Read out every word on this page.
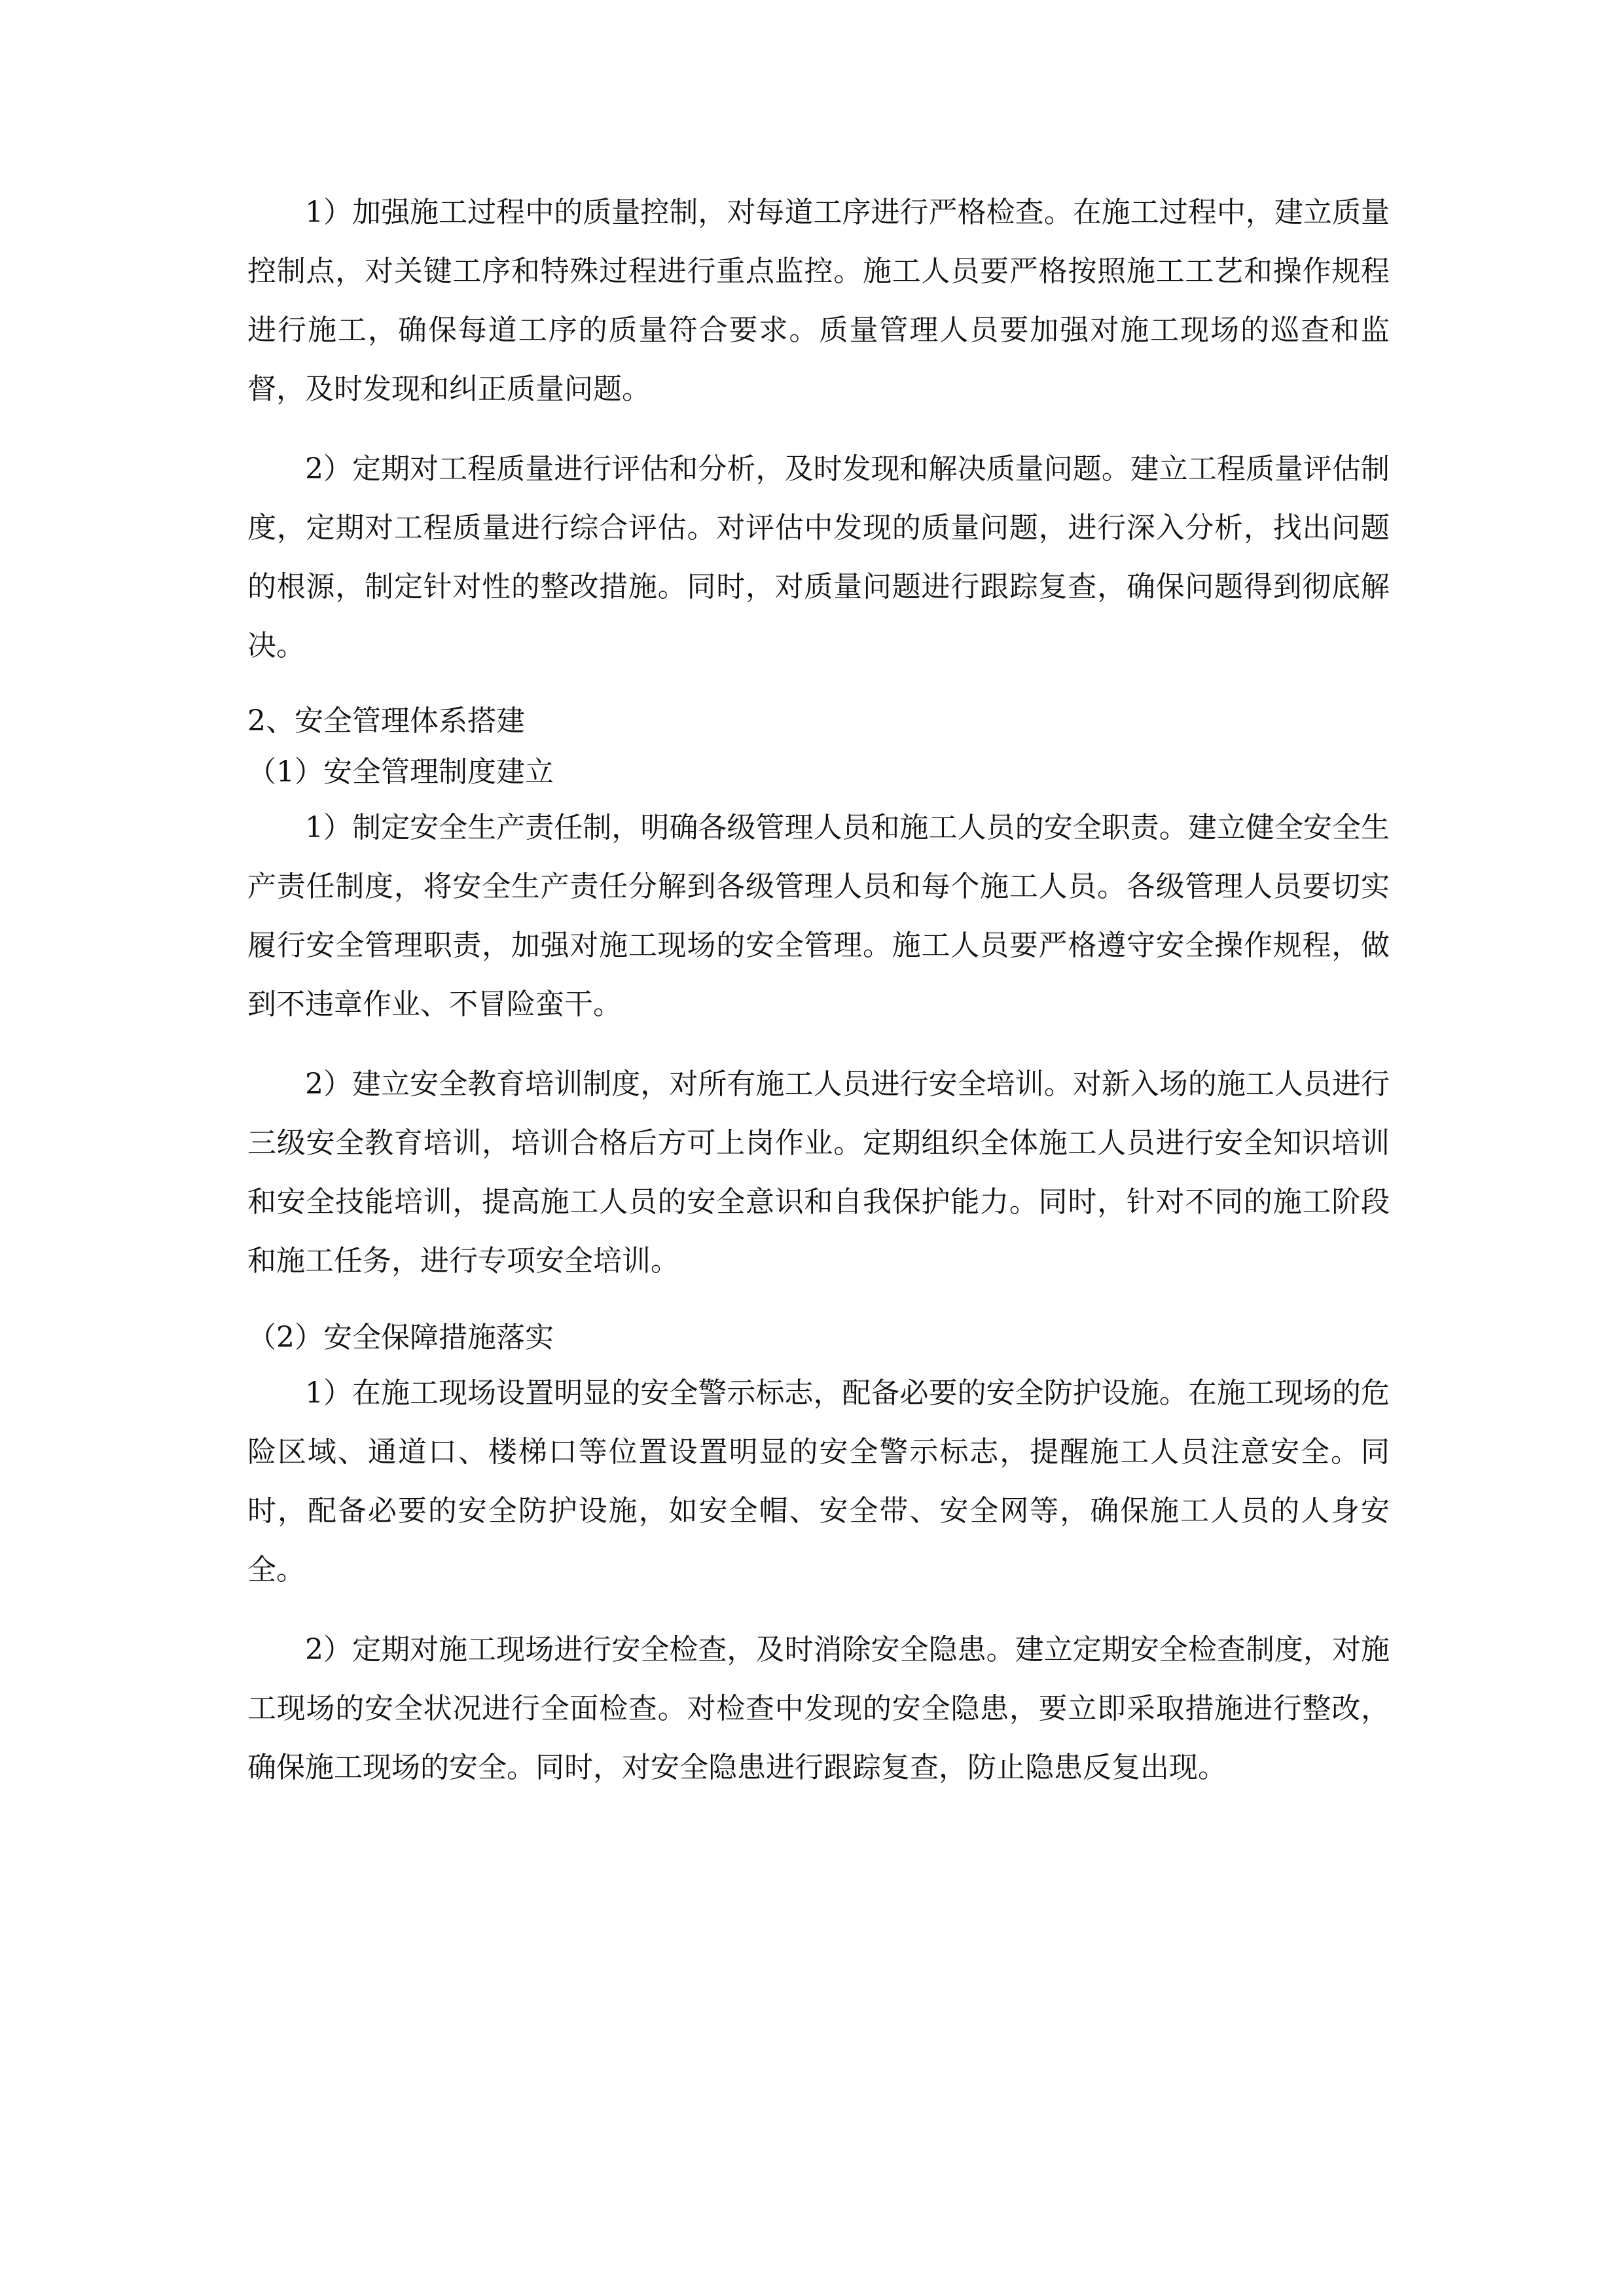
1）加强施工过程中的质量控制，对每道工序进行严格检查。在施工过程中，建立质量控制点，对关键工序和特殊过程进行重点监控。施工人员要严格按照施工工艺和操作规程进行施工，确保每道工序的质量符合要求。质量管理人员要加强对施工现场的巡查和监督，及时发现和纠正质量问题。

2）定期对工程质量进行评估和分析，及时发现和解决质量问题。建立工程质量评估制度，定期对工程质量进行综合评估。对评估中发现的质量问题，进行深入分析，找出问题的根源，制定针对性的整改措施。同时，对质量问题进行跟踪复查，确保问题得到彻底解决。

2、安全管理体系搭建
（1）安全管理制度建立

1）制定安全生产责任制，明确各级管理人员和施工人员的安全职责。建立健全安全生产责任制度，将安全生产责任分解到各级管理人员和每个施工人员。各级管理人员要切实履行安全管理职责，加强对施工现场的安全管理。施工人员要严格遵守安全操作规程，做到不违章作业、不冒险蛮干。

2）建立安全教育培训制度，对所有施工人员进行安全培训。对新入场的施工人员进行三级安全教育培训，培训合格后方可上岗作业。定期组织全体施工人员进行安全知识培训和安全技能培训，提高施工人员的安全意识和自我保护能力。同时，针对不同的施工阶段和施工任务，进行专项安全培训。

（2）安全保障措施落实

1）在施工现场设置明显的安全警示标志，配备必要的安全防护设施。在施工现场的危险区域、通道口、楼梯口等位置设置明显的安全警示标志，提醒施工人员注意安全。同时，配备必要的安全防护设施，如安全帽、安全带、安全网等，确保施工人员的人身安全。

2）定期对施工现场进行安全检查，及时消除安全隐患。建立定期安全检查制度，对施工现场的安全状况进行全面检查。对检查中发现的安全隐患，要立即采取措施进行整改，确保施工现场的安全。同时，对安全隐患进行跟踪复查，防止隐患反复出现。
